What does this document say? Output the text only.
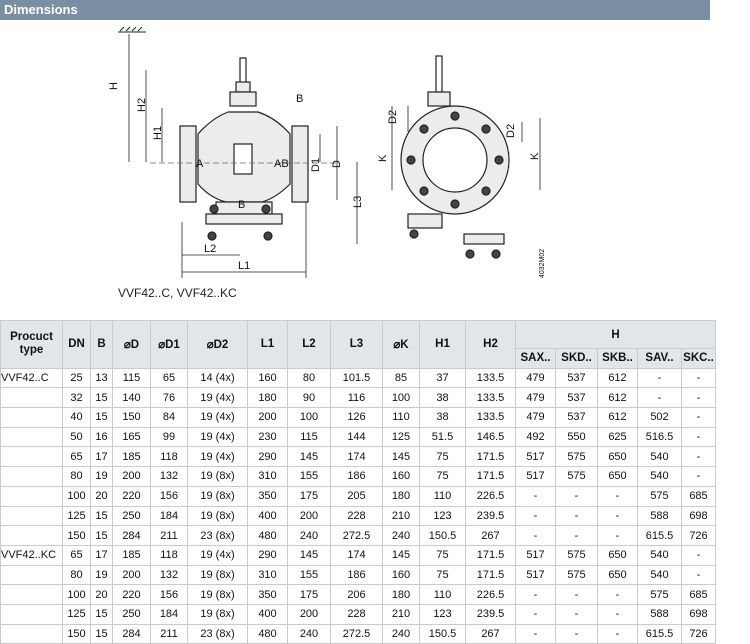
Dimensions
H
H2
H1
A	AB
B
D1 D
B	L3
L2
L1
D2
K
D2
K
4032M02
VVF42..C, VVF42..KC
Procuct type	DN	B	⌀D	⌀D1	⌀D2	L1	L2	L3	⌀K	H1	H2	H				
												SAX..	SKD..	SKB..	SAV..	SKC..
VVF42..C	25	13	115	65	14 (4x)	160	80	101.5	85	37	133.5	479	537	612	-	-
	32	15	140	76	19 (4x)	180	90	116	100	38	133.5	479	537	612	-	-
	40	15	150	84	19 (4x)	200	100	126	110	38	133.5	479	537	612	502	-
	50	16	165	99	19 (4x)	230	115	144	125	51.5	146.5	492	550	625	516.5	-
	65	17	185	118	19 (4x)	290	145	174	145	75	171.5	517	575	650	540	-
	80	19	200	132	19 (8x)	310	155	186	160	75	171.5	517	575	650	540	-
	100	20	220	156	19 (8x)	350	175	205	180	110	226.5	-	-	-	575	685
	125	15	250	184	19 (8x)	400	200	228	210	123	239.5	-	-	-	588	698
	150	15	284	211	23 (8x)	480	240	272.5	240	150.5	267	-	-	-	615.5	726
VVF42..KC	65	17	185	118	19 (4x)	290	145	174	145	75	171.5	517	575	650	540	-
	80	19	200	132	19 (8x)	310	155	186	160	75	171.5	517	575	650	540	-
	100	20	220	156	19 (8x)	350	175	206	180	110	226.5	-	-	-	575	685
	125	15	250	184	19 (8x)	400	200	228	210	123	239.5	-	-	-	588	698
	150	15	284	211	23 (8x)	480	240	272.5	240	150.5	267	-	-	-	615.5	726
